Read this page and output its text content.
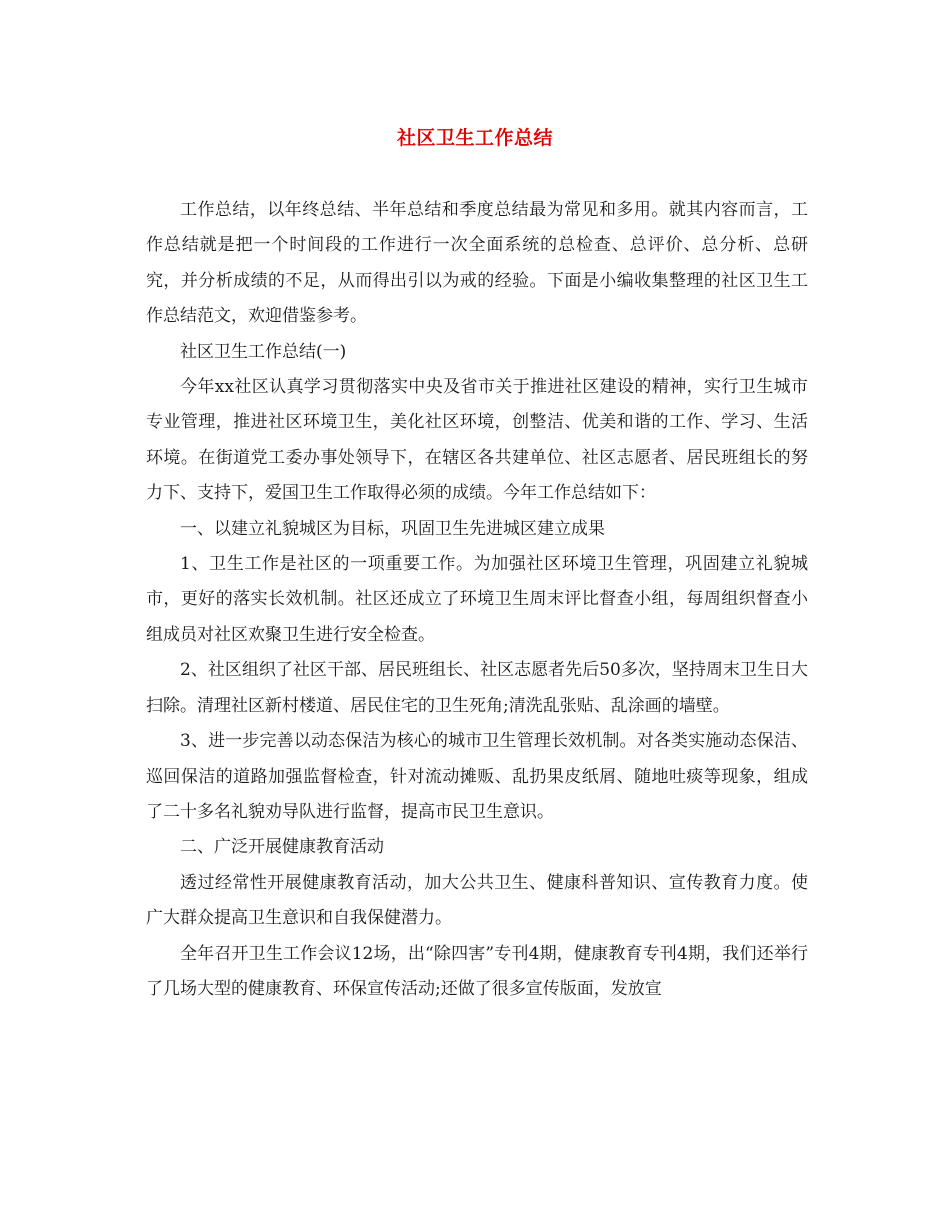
社区卫生工作总结

工作总结，以年终总结、半年总结和季度总结最为常见和多用。就其内容而言，工作总结就是把一个时间段的工作进行一次全面系统的总检查、总评价、总分析、总研究，并分析成绩的不足，从而得出引以为戒的经验。下面是小编收集整理的社区卫生工作总结范文，欢迎借鉴参考。

社区卫生工作总结(一)

今年xx社区认真学习贯彻落实中央及省市关于推进社区建设的精神，实行卫生城市专业管理，推进社区环境卫生，美化社区环境，创整洁、优美和谐的工作、学习、生活环境。在街道党工委办事处领导下，在辖区各共建单位、社区志愿者、居民班组长的努力下、支持下，爱国卫生工作取得必须的成绩。今年工作总结如下：

一、以建立礼貌城区为目标，巩固卫生先进城区建立成果

1、卫生工作是社区的一项重要工作。为加强社区环境卫生管理，巩固建立礼貌城市，更好的落实长效机制。社区还成立了环境卫生周末评比督查小组，每周组织督查小组成员对社区欢聚卫生进行安全检查。

2、社区组织了社区干部、居民班组长、社区志愿者先后50多次，坚持周末卫生日大扫除。清理社区新村楼道、居民住宅的卫生死角;清洗乱张贴、乱涂画的墙壁。

3、进一步完善以动态保洁为核心的城市卫生管理长效机制。对各类实施动态保洁、巡回保洁的道路加强监督检查，针对流动摊贩、乱扔果皮纸屑、随地吐痰等现象，组成了二十多名礼貌劝导队进行监督，提高市民卫生意识。

二、广泛开展健康教育活动

透过经常性开展健康教育活动，加大公共卫生、健康科普知识、宣传教育力度。使广大群众提高卫生意识和自我保健潜力。

全年召开卫生工作会议12场，出“除四害”专刊4期，健康教育专刊4期，我们还举行了几场大型的健康教育、环保宣传活动;还做了很多宣传版面，发放宣
